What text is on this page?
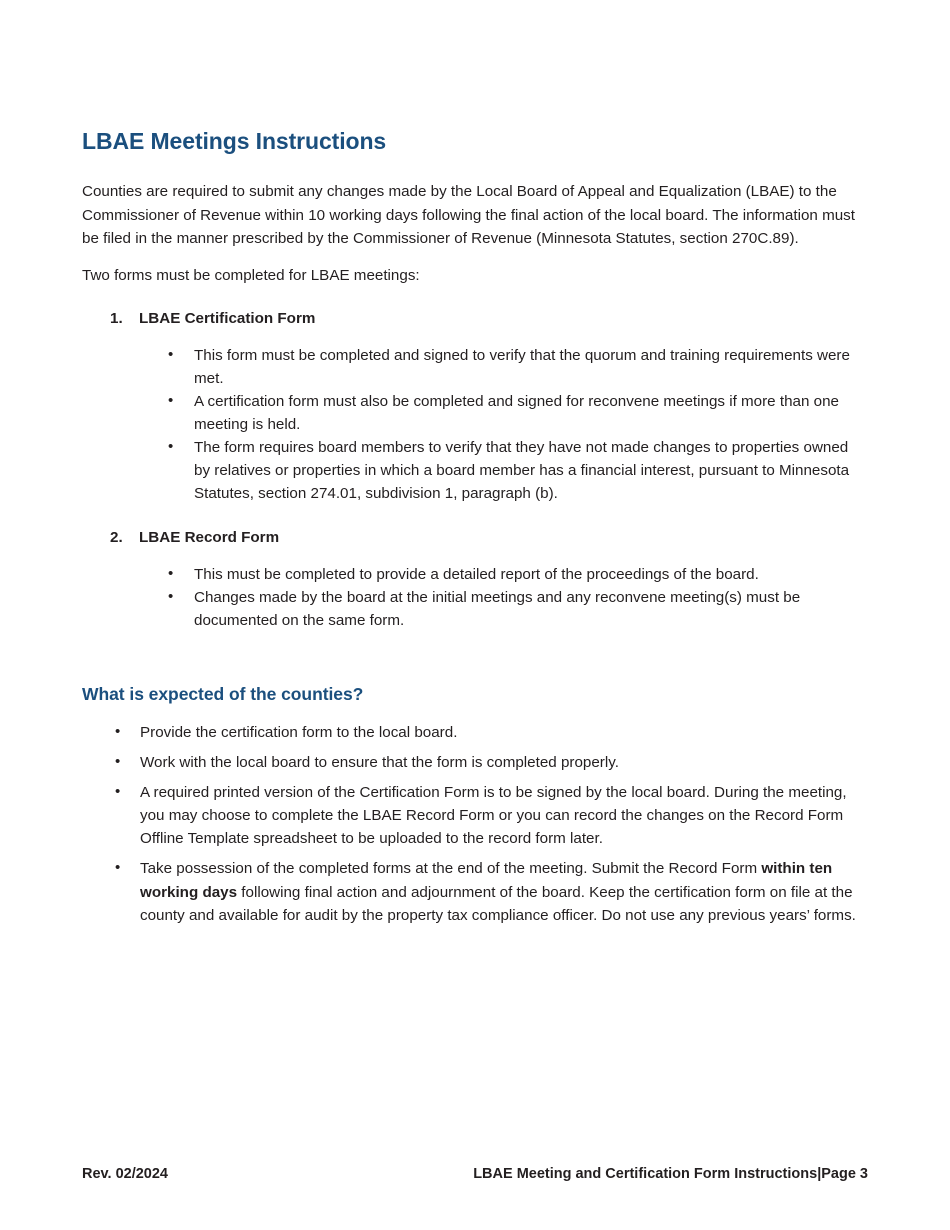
LBAE Meetings Instructions

Counties are required to submit any changes made by the Local Board of Appeal and Equalization (LBAE) to the Commissioner of Revenue within 10 working days following the final action of the local board. The information must be filed in the manner prescribed by the Commissioner of Revenue (Minnesota Statutes, section 270C.89).

Two forms must be completed for LBAE meetings:

1. LBAE Certification Form
• This form must be completed and signed to verify that the quorum and training requirements were met.
• A certification form must also be completed and signed for reconvene meetings if more than one meeting is held.
• The form requires board members to verify that they have not made changes to properties owned by relatives or properties in which a board member has a financial interest, pursuant to Minnesota Statutes, section 274.01, subdivision 1, paragraph (b).
2. LBAE Record Form
• This must be completed to provide a detailed report of the proceedings of the board.
• Changes made by the board at the initial meetings and any reconvene meeting(s) must be documented on the same form.
What is expected of the counties?
• Provide the certification form to the local board.
• Work with the local board to ensure that the form is completed properly.
• A required printed version of the Certification Form is to be signed by the local board. During the meeting, you may choose to complete the LBAE Record Form or you can record the changes on the Record Form Offline Template spreadsheet to be uploaded to the record form later.
• Take possession of the completed forms at the end of the meeting. Submit the Record Form within ten working days following final action and adjournment of the board. Keep the certification form on file at the county and available for audit by the property tax compliance officer. Do not use any previous years’ forms.
Rev. 02/2024	LBAE Meeting and Certification Form Instructions|Page 3
